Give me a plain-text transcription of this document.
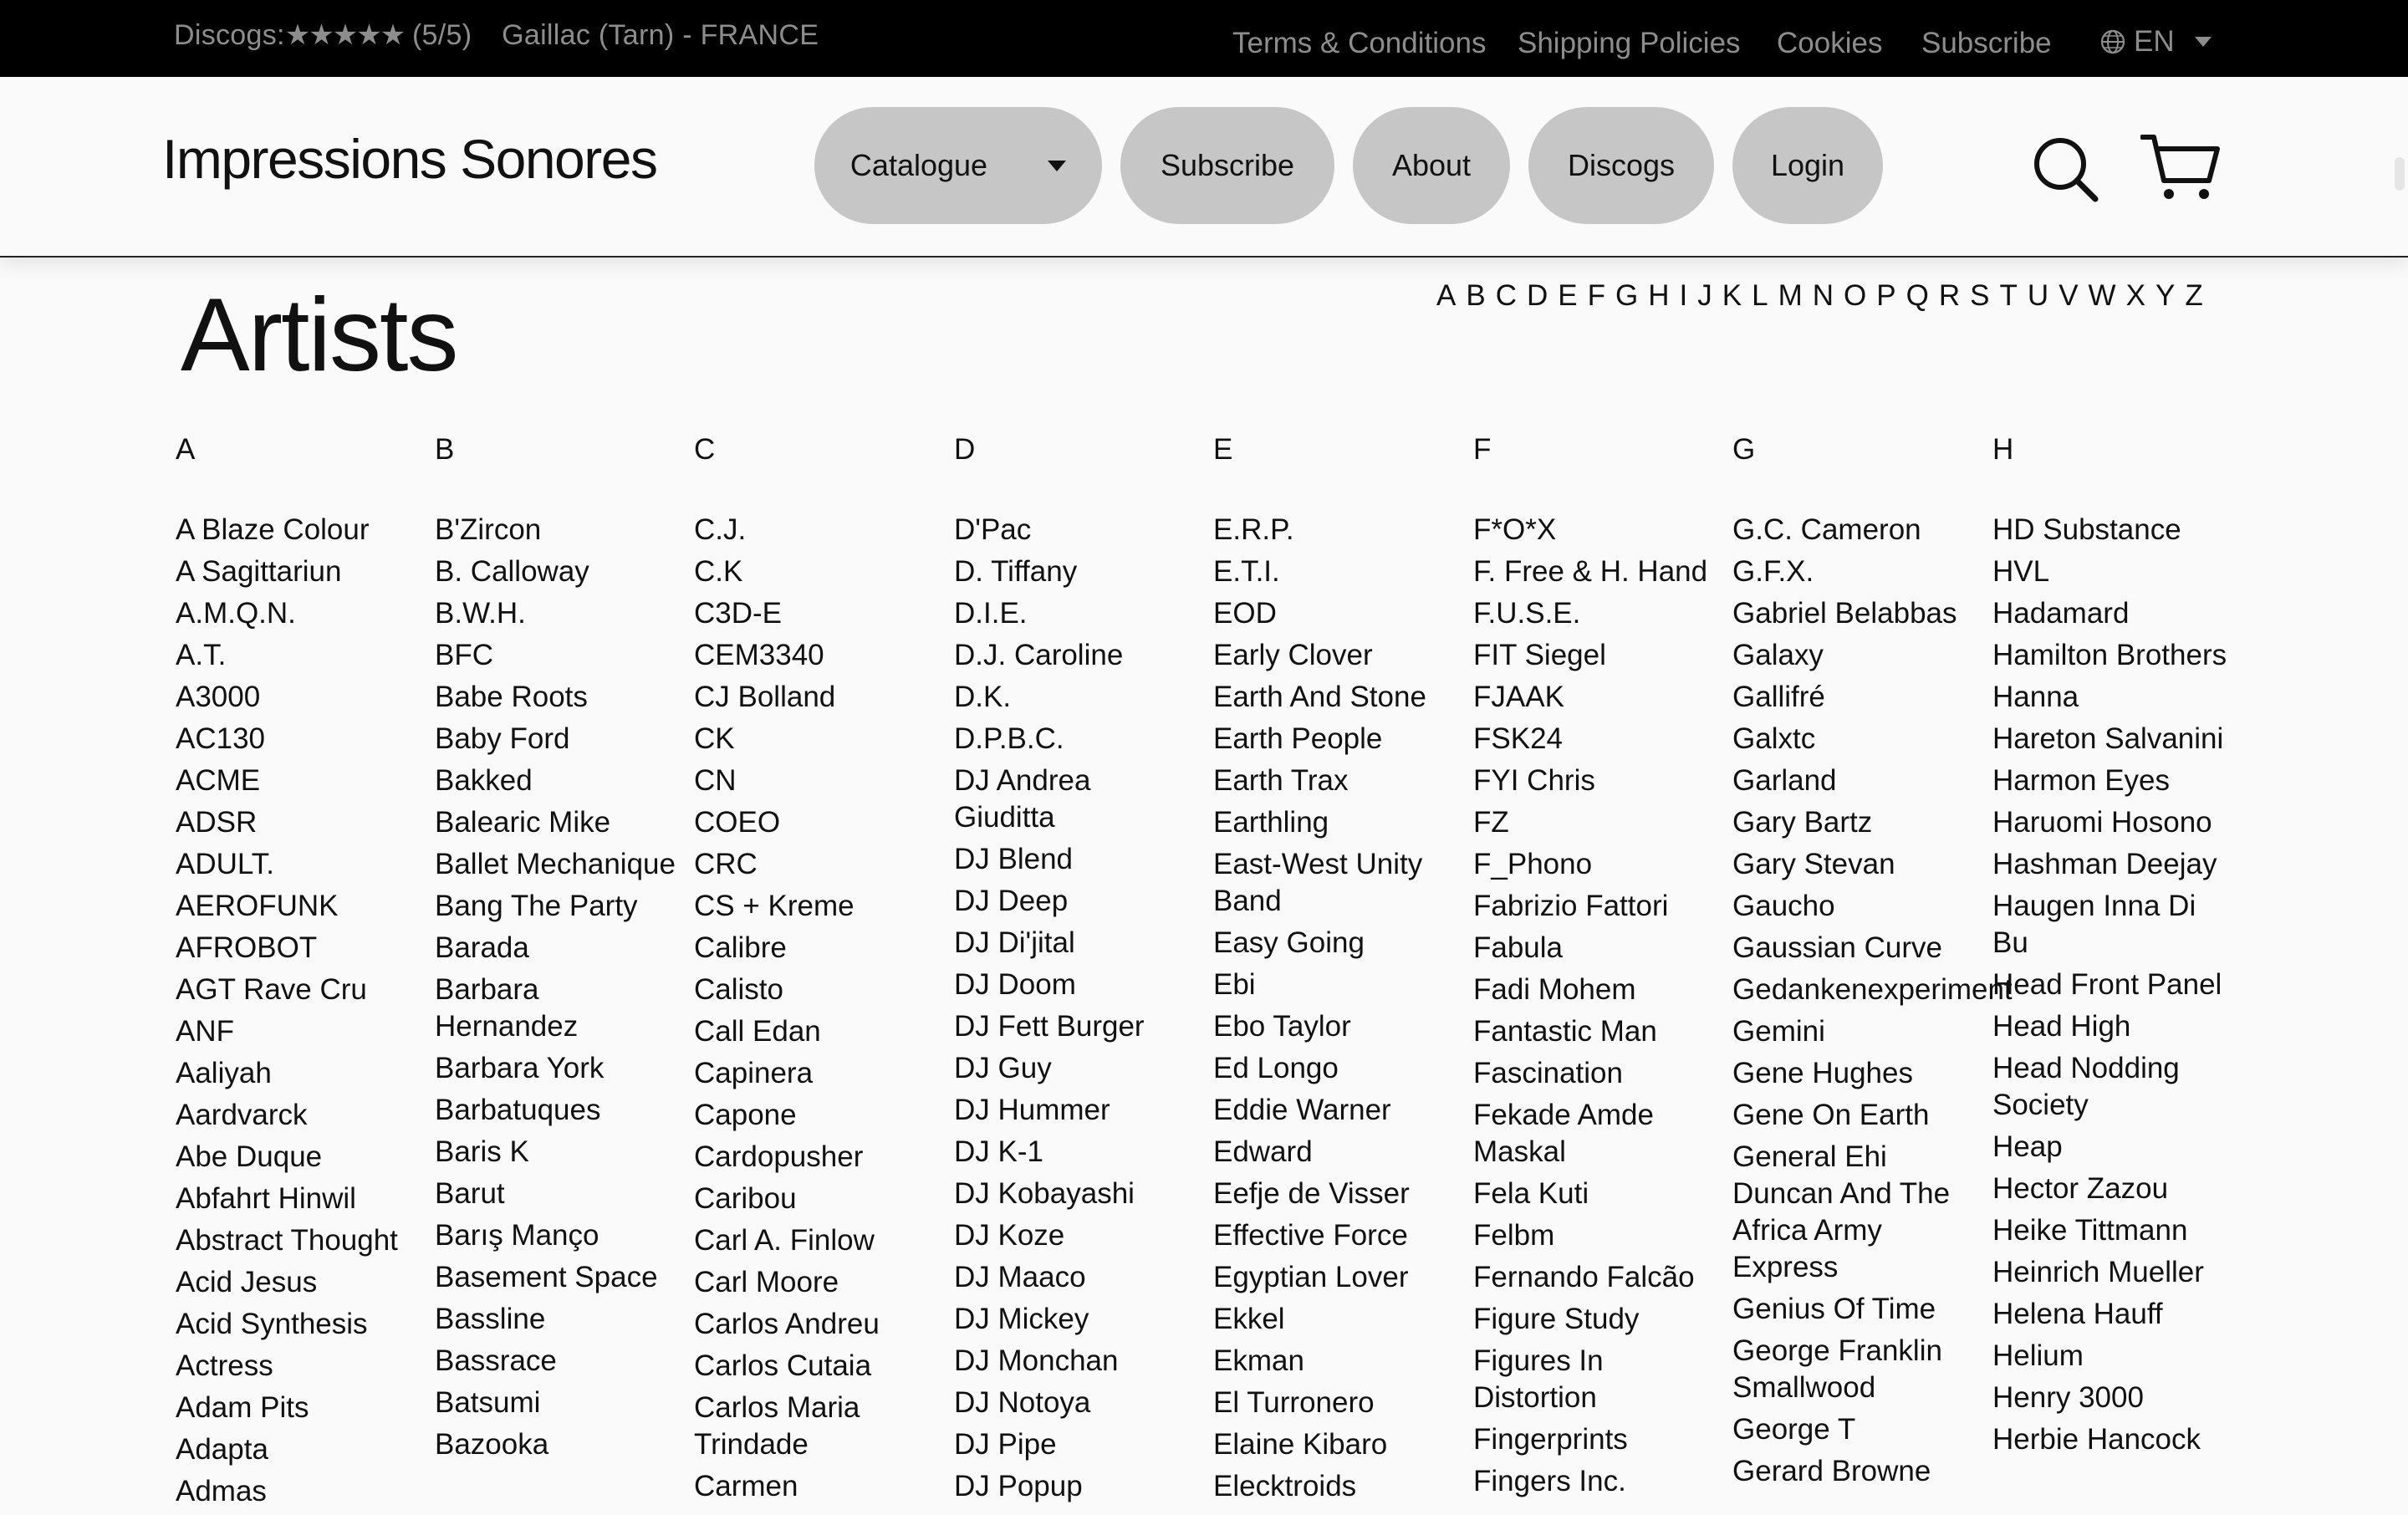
Discogs:★★★★★ (5/5) Gaillac (Tarn) - FRANCE	Terms & Conditions Shipping Policies Cookies Subscribe	EN
Impressions Sonores	Catalogue	Subscribe	About	Discogs	Login
Artists	A B C D E F G H I J K L M N O P Q R S T U V W X Y Z
A
A Blaze Colour
A Sagittariun
A.M.Q.N.
A.T.
A3000
AC130
ACME
ADSR
ADULT.
AEROFUNK
AFROBOT
AGT Rave Cru
ANF
Aaliyah
Aardvarck
Abe Duque
Abfahrt Hinwil
Abstract Thought
Acid Jesus
Acid Synthesis
Actress
Adam Pits
Adapta
Admas
B
B'Zircon
B. Calloway
B.W.H.
BFC
Babe Roots
Baby Ford
Bakked
Balearic Mike
Ballet Mechanique
Bang The Party
Barada
Barbara Hernandez
Barbara York
Barbatuques
Baris K
Barut
Barış Manço
Basement Space
Bassline
Bassrace
Batsumi
Bazooka
C
C.J.
C.K
C3D-E
CEM3340
CJ Bolland
CK
CN
COEO
CRC
CS + Kreme
Calibre
Calisto
Call Edan
Capinera
Capone
Cardopusher
Caribou
Carl A. Finlow
Carl Moore
Carlos Andreu
Carlos Cutaia
Carlos Maria Trindade
Carmen
D
D'Pac
D. Tiffany
D.I.E.
D.J. Caroline
D.K.
D.P.B.C.
DJ Andrea Giuditta
DJ Blend
DJ Deep
DJ Di'jital
DJ Doom
DJ Fett Burger
DJ Guy
DJ Hummer
DJ K-1
DJ Kobayashi
DJ Koze
DJ Maaco
DJ Mickey
DJ Monchan
DJ Notoya
DJ Pipe
DJ Popup
E
E.R.P.
E.T.I.
EOD
Early Clover
Earth And Stone
Earth People
Earth Trax
Earthling
East-West Unity Band
Easy Going
Ebi
Ebo Taylor
Ed Longo
Eddie Warner
Edward
Eefje de Visser
Effective Force
Egyptian Lover
Ekkel
Ekman
El Turronero
Elaine Kibaro
Elecktroids
F
F*O*X
F. Free & H. Hand
F.U.S.E.
FIT Siegel
FJAAK
FSK24
FYI Chris
FZ
F_Phono
Fabrizio Fattori
Fabula
Fadi Mohem
Fantastic Man
Fascination
Fekade Amde Maskal
Fela Kuti
Felbm
Fernando Falcão
Figure Study
Figures In Distortion
Fingerprints
Fingers Inc.
G
G.C. Cameron
G.F.X.
Gabriel Belabbas
Galaxy
Gallifré
Galxtc
Garland
Gary Bartz
Gary Stevan
Gaucho
Gaussian Curve
Gedankenexperiment
Gemini
Gene Hughes
Gene On Earth
General Ehi Duncan And The Africa Army Express
Genius Of Time
George Franklin Smallwood
George T
Gerard Browne
H
HD Substance
HVL
Hadamard
Hamilton Brothers
Hanna
Hareton Salvanini
Harmon Eyes
Haruomi Hosono
Hashman Deejay
Haugen Inna Di Bu
Head Front Panel
Head High
Head Nodding Society
Heap
Hector Zazou
Heike Tittmann
Heinrich Mueller
Helena Hauff
Helium
Henry 3000
Herbie Hancock
